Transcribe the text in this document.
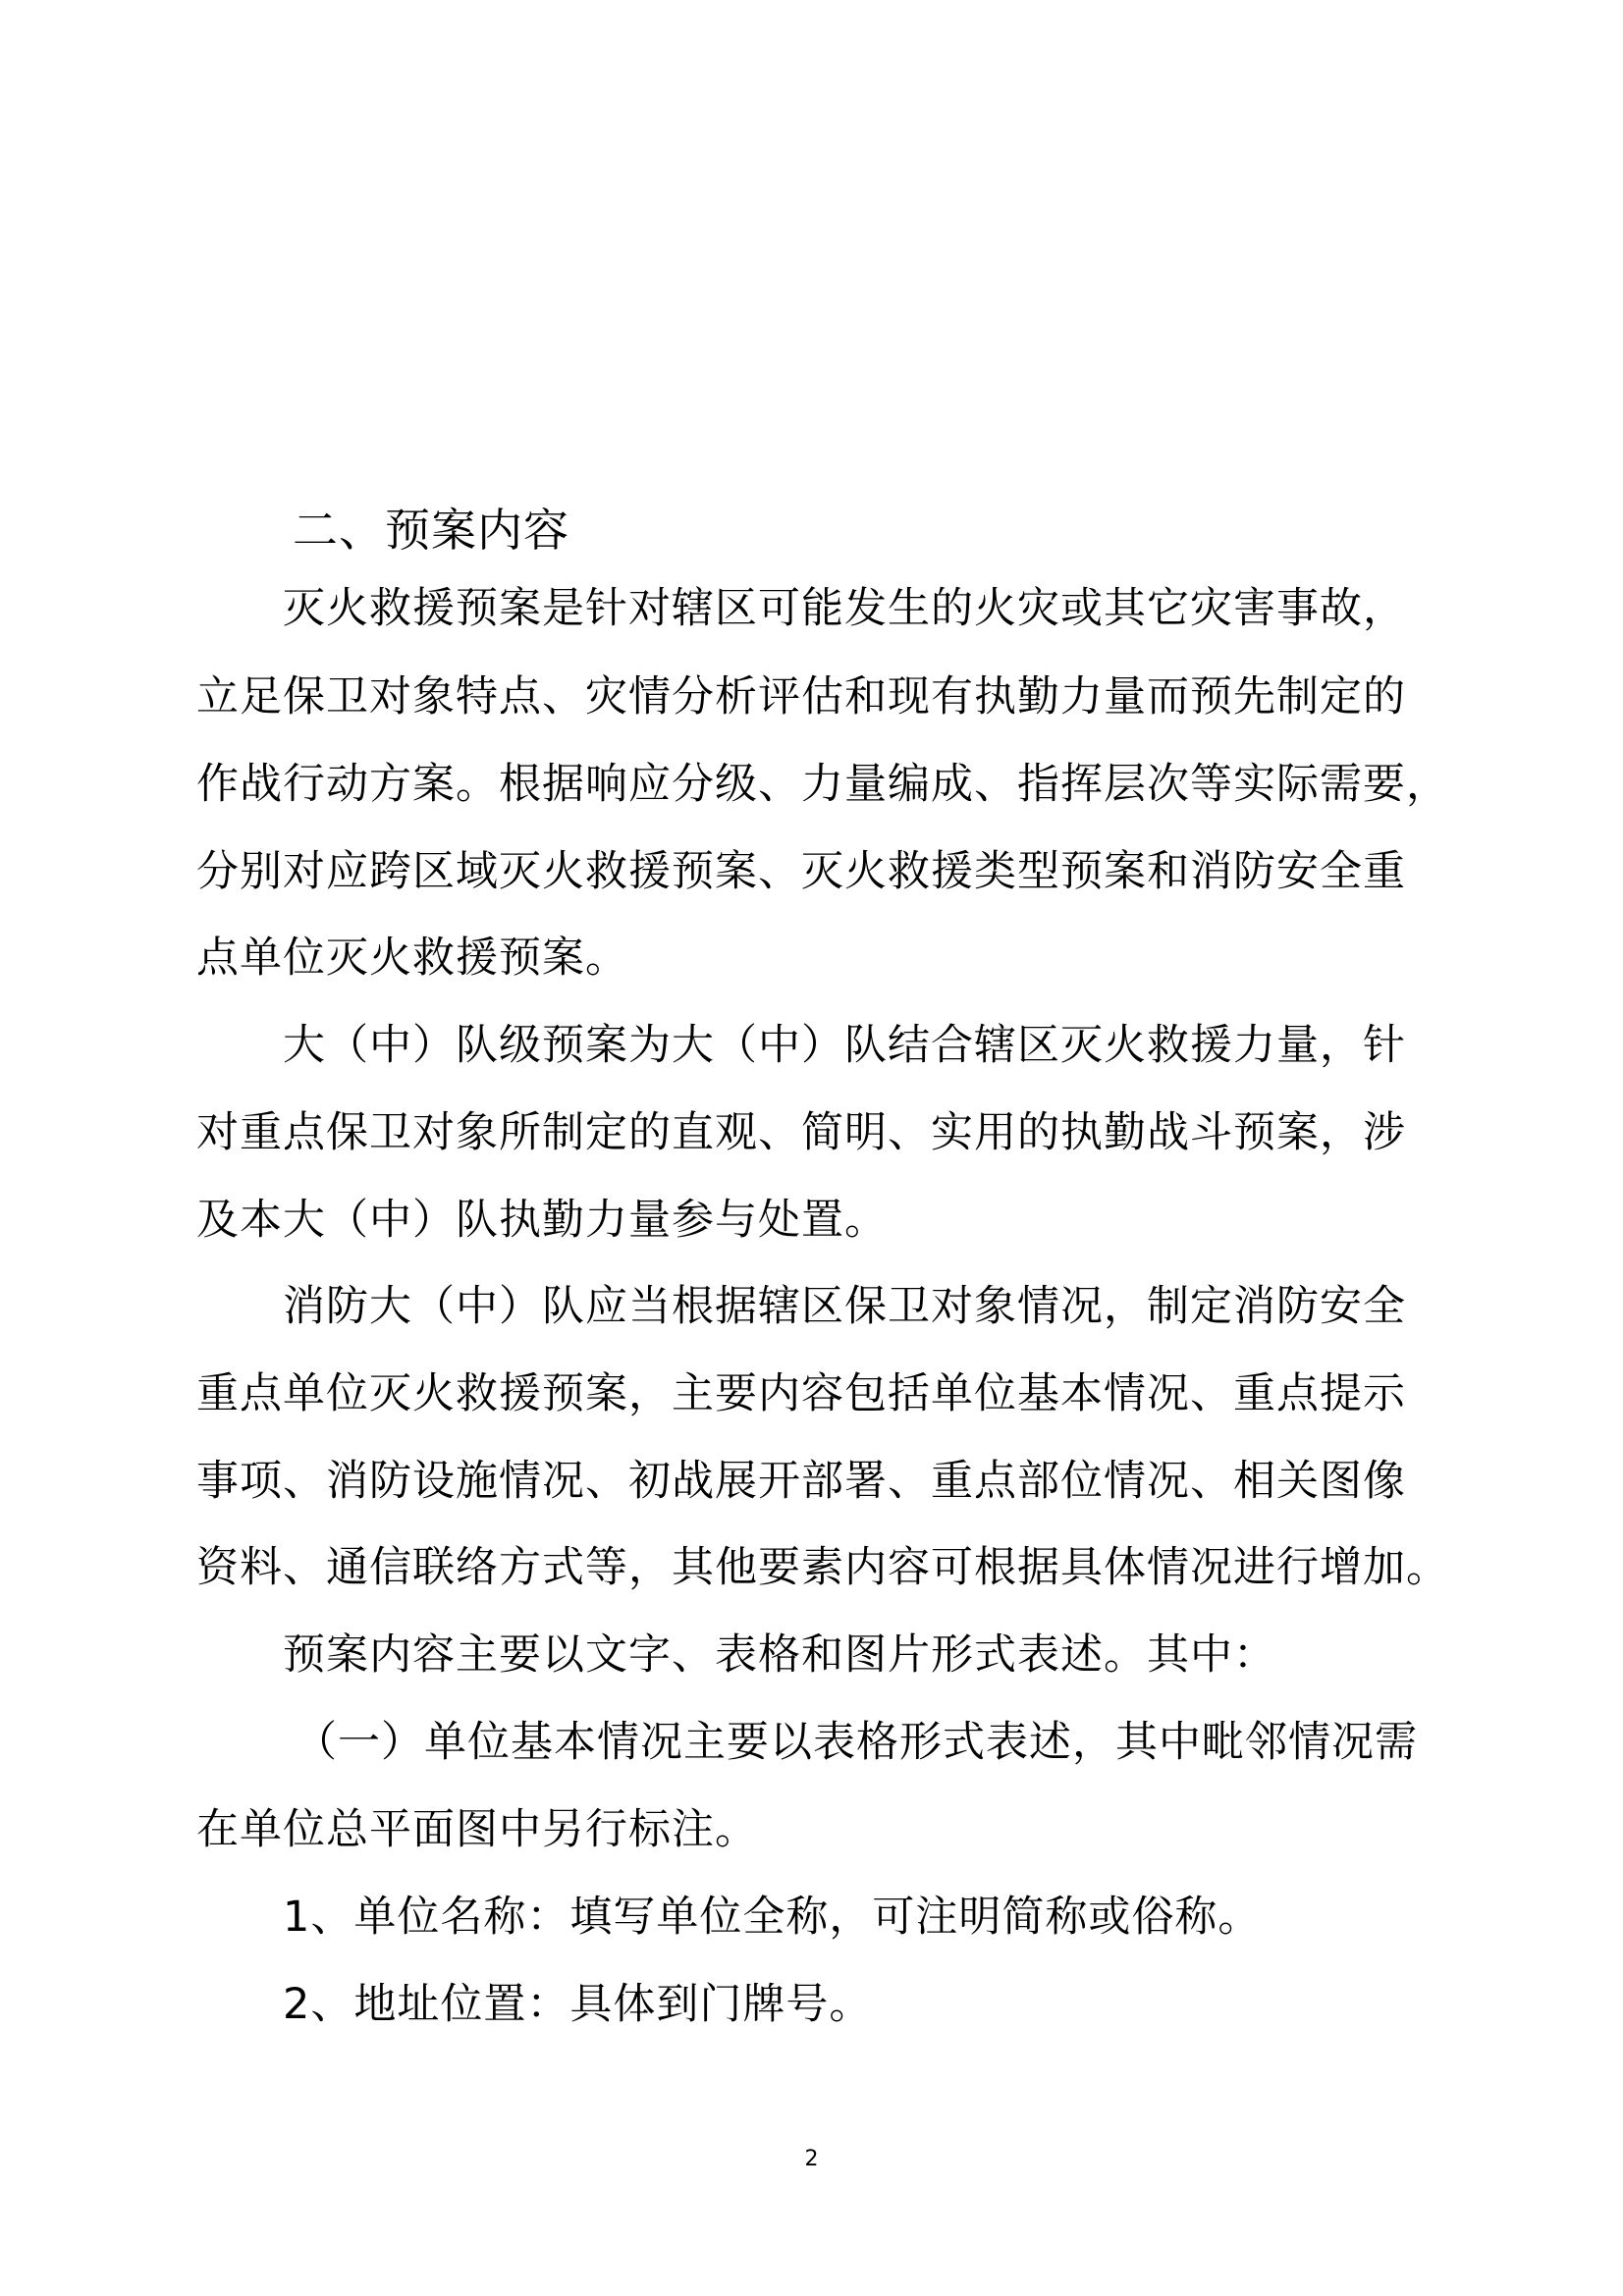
二、预案内容
灭火救援预案是针对辖区可能发生的火灾或其它灾害事故，
立足保卫对象特点、灾情分析评估和现有执勤力量而预先制定的
作战行动方案。根据响应分级、力量编成、指挥层次等实际需要，
分别对应跨区域灭火救援预案、灭火救援类型预案和消防安全重
点单位灭火救援预案。
大（中）队级预案为大（中）队结合辖区灭火救援力量，针
对重点保卫对象所制定的直观、简明、实用的执勤战斗预案，涉
及本大（中）队执勤力量参与处置。
消防大（中）队应当根据辖区保卫对象情况，制定消防安全
重点单位灭火救援预案，主要内容包括单位基本情况、重点提示
事项、消防设施情况、初战展开部署、重点部位情况、相关图像
资料、通信联络方式等，其他要素内容可根据具体情况进行增加。
预案内容主要以文字、表格和图片形式表述。其中：
（一）单位基本情况主要以表格形式表述，其中毗邻情况需
在单位总平面图中另行标注。
1、单位名称：填写单位全称，可注明简称或俗称。
2、地址位置：具体到门牌号。
2
